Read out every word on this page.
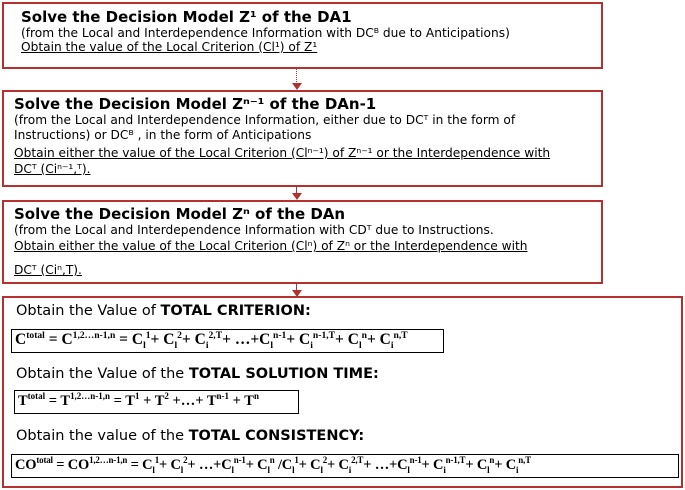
Solve the Decision Model Z¹ of the DA1
(from the Local and Interdependence Information with DCᴮ due to Anticipations)
Obtain the value of the Local Criterion (Cl¹) of Z¹
Solve the Decision Model Zⁿ⁻¹ of the DAn-1
(from the Local and Interdependence Information, either due to DCᵀ in the form of
Instructions) or DCᴮ , in the form of Anticipations
Obtain either the value of the Local Criterion (Clⁿ⁻¹) of Zⁿ⁻¹ or the Interdependence with
DCᵀ (Ciⁿ⁻¹,ᵀ).
Solve the Decision Model Zⁿ of the DAn
(from the Local and Interdependence Information with CDᵀ due to Instructions.
Obtain either the value of the Local Criterion (Clⁿ) of Zⁿ or the Interdependence with
DCᵀ (Ciⁿ,T).
Obtain the Value of TOTAL CRITERION:
$C^{total} = C^{1,2\dots n-1,n} = C_l^1+ C_l^2+ C_i^{2,T}+$ $\dots+C_l^{n-1}+ C_i^{n-1,T}+ C_l^n+ C_i^{n,T}$
Obtain the Value of the TOTAL SOLUTION TIME:
$T^{total} = T^{1,2\dots n-1,n} = T^1 + T^2$ +…+ $T^{n-1} + T^n$
Obtain the value of the TOTAL CONSISTENCY:
$CO^{total} = CO^{1,2\dots n-1,n} = C_l^1+ C_l^2+$ $\dots+C_l^{n-1}+ C_l^n$ $/C_l^1+ C_l^2+ C_i^{2,T}+$ $\dots+C_l^{n-1}+ C_i^{n-1,T}+ C_l^n+ C_i^{n,T}$
